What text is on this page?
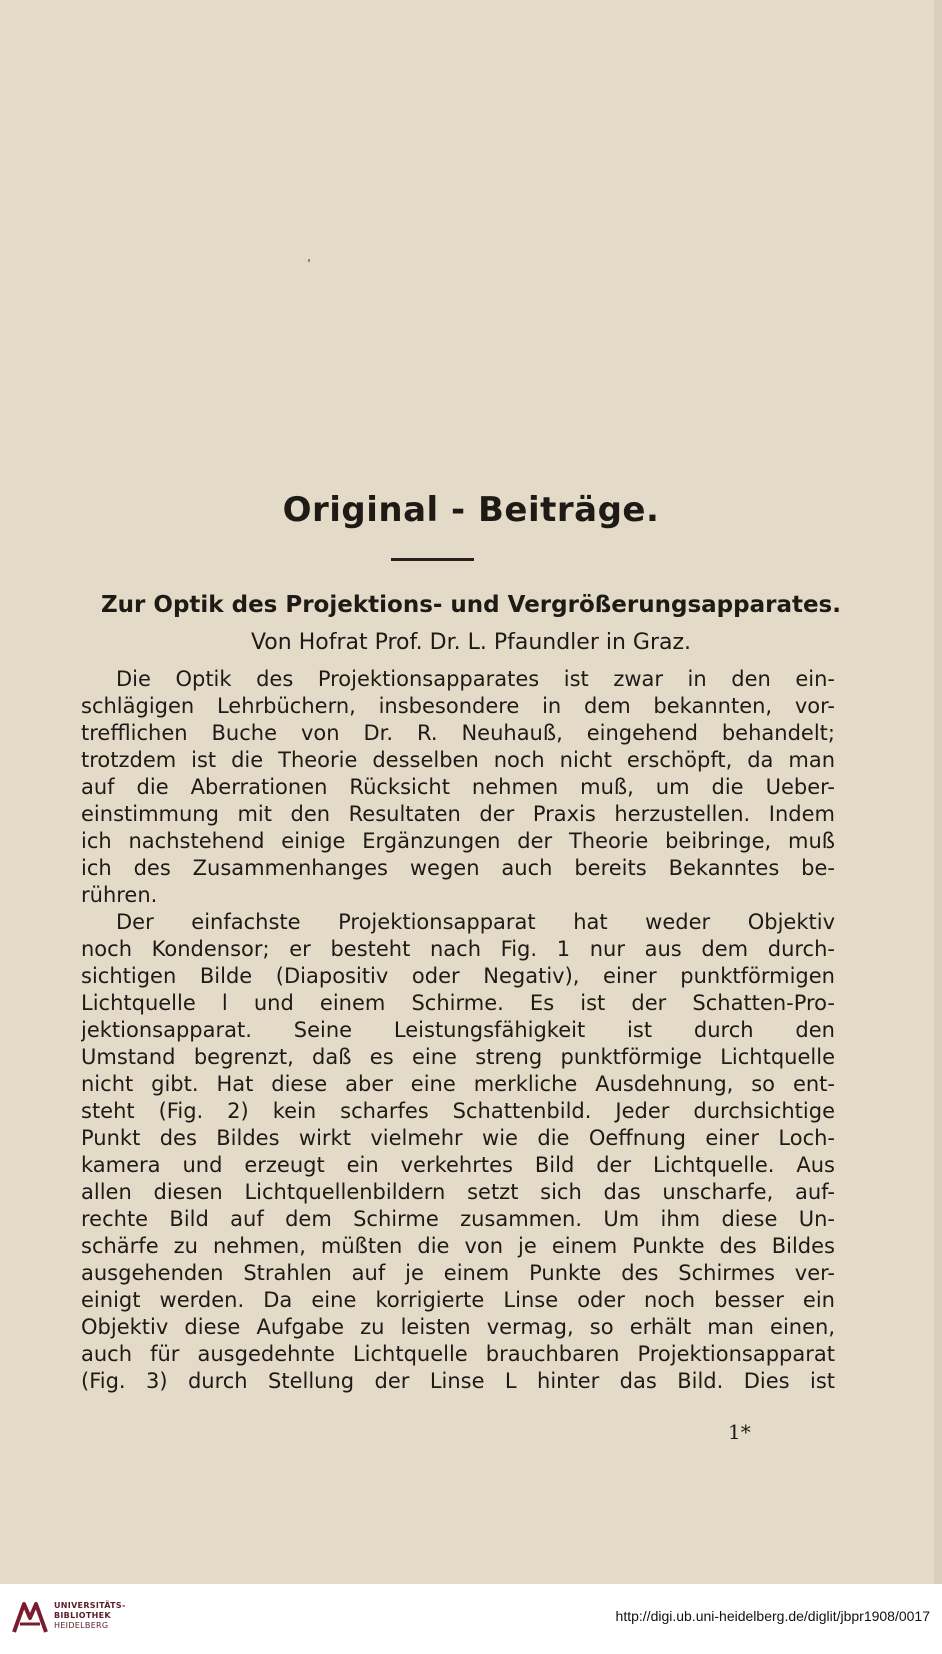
Original - Beiträge.
Zur Optik des Projektions- und Vergrößerungsapparates.
Von Hofrat Prof. Dr. L. Pfaundler in Graz.
Die Optik des Projektionsapparates ist zwar in den ein-
schlägigen Lehrbüchern, insbesondere in dem bekannten, vor-
trefflichen Buche von Dr. R. Neuhauß, eingehend behandelt;
trotzdem ist die Theorie desselben noch nicht erschöpft, da man
auf die Aberrationen Rücksicht nehmen muß, um die Ueber-
einstimmung mit den Resultaten der Praxis herzustellen. Indem
ich nachstehend einige Ergänzungen der Theorie beibringe, muß
ich des Zusammenhanges wegen auch bereits Bekanntes be-
rühren.
Der einfachste Projektionsapparat hat weder Objektiv
noch Kondensor; er besteht nach Fig. 1 nur aus dem durch-
sichtigen Bilde (Diapositiv oder Negativ), einer punktförmigen
Lichtquelle l und einem Schirme. Es ist der Schatten-Pro-
jektionsapparat. Seine Leistungsfähigkeit ist durch den
Umstand begrenzt, daß es eine streng punktförmige Lichtquelle
nicht gibt. Hat diese aber eine merkliche Ausdehnung, so ent-
steht (Fig. 2) kein scharfes Schattenbild. Jeder durchsichtige
Punkt des Bildes wirkt vielmehr wie die Oeffnung einer Loch-
kamera und erzeugt ein verkehrtes Bild der Lichtquelle. Aus
allen diesen Lichtquellenbildern setzt sich das unscharfe, auf-
rechte Bild auf dem Schirme zusammen. Um ihm diese Un-
schärfe zu nehmen, müßten die von je einem Punkte des Bildes
ausgehenden Strahlen auf je einem Punkte des Schirmes ver-
einigt werden. Da eine korrigierte Linse oder noch besser ein
Objektiv diese Aufgabe zu leisten vermag, so erhält man einen,
auch für ausgedehnte Lichtquelle brauchbaren Projektionsapparat
(Fig. 3) durch Stellung der Linse L hinter das Bild. Dies ist
1*
UNIVERSITÄTS-
BIBLIOTHEK
HEIDELBERG
http://digi.ub.uni-heidelberg.de/diglit/jbpr1908/0017
